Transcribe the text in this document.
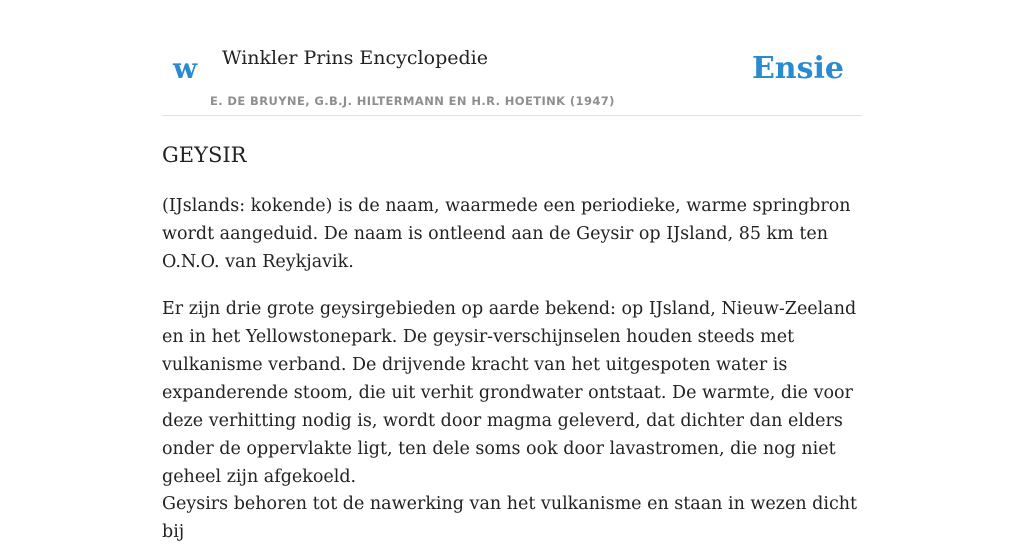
w Winkler Prins Encyclopedie
E. DE BRUYNE, G.B.J. HILTERMANN EN H.R. HOETINK (1947)
Ensie
GEYSIR

(IJslands: kokende) is de naam, waarmede een periodieke, warme springbron wordt aangeduid. De naam is ontleend aan de Geysir op IJsland, 85 km ten O.N.O. van Reykjavik.

Er zijn drie grote geysirgebieden op aarde bekend: op IJsland, Nieuw-Zeeland en in het Yellowstonepark. De geysir-verschijnselen houden steeds met vulkanisme verband. De drijvende kracht van het uitgespoten water is expanderende stoom, die uit verhit grondwater ontstaat. De warmte, die voor deze verhitting nodig is, wordt door magma geleverd, dat dichter dan elders onder de oppervlakte ligt, ten dele soms ook door lavastromen, die nog niet geheel zijn afgekoeld.

Geysirs behoren tot de nawerking van het vulkanisme en staan in wezen dicht bij
